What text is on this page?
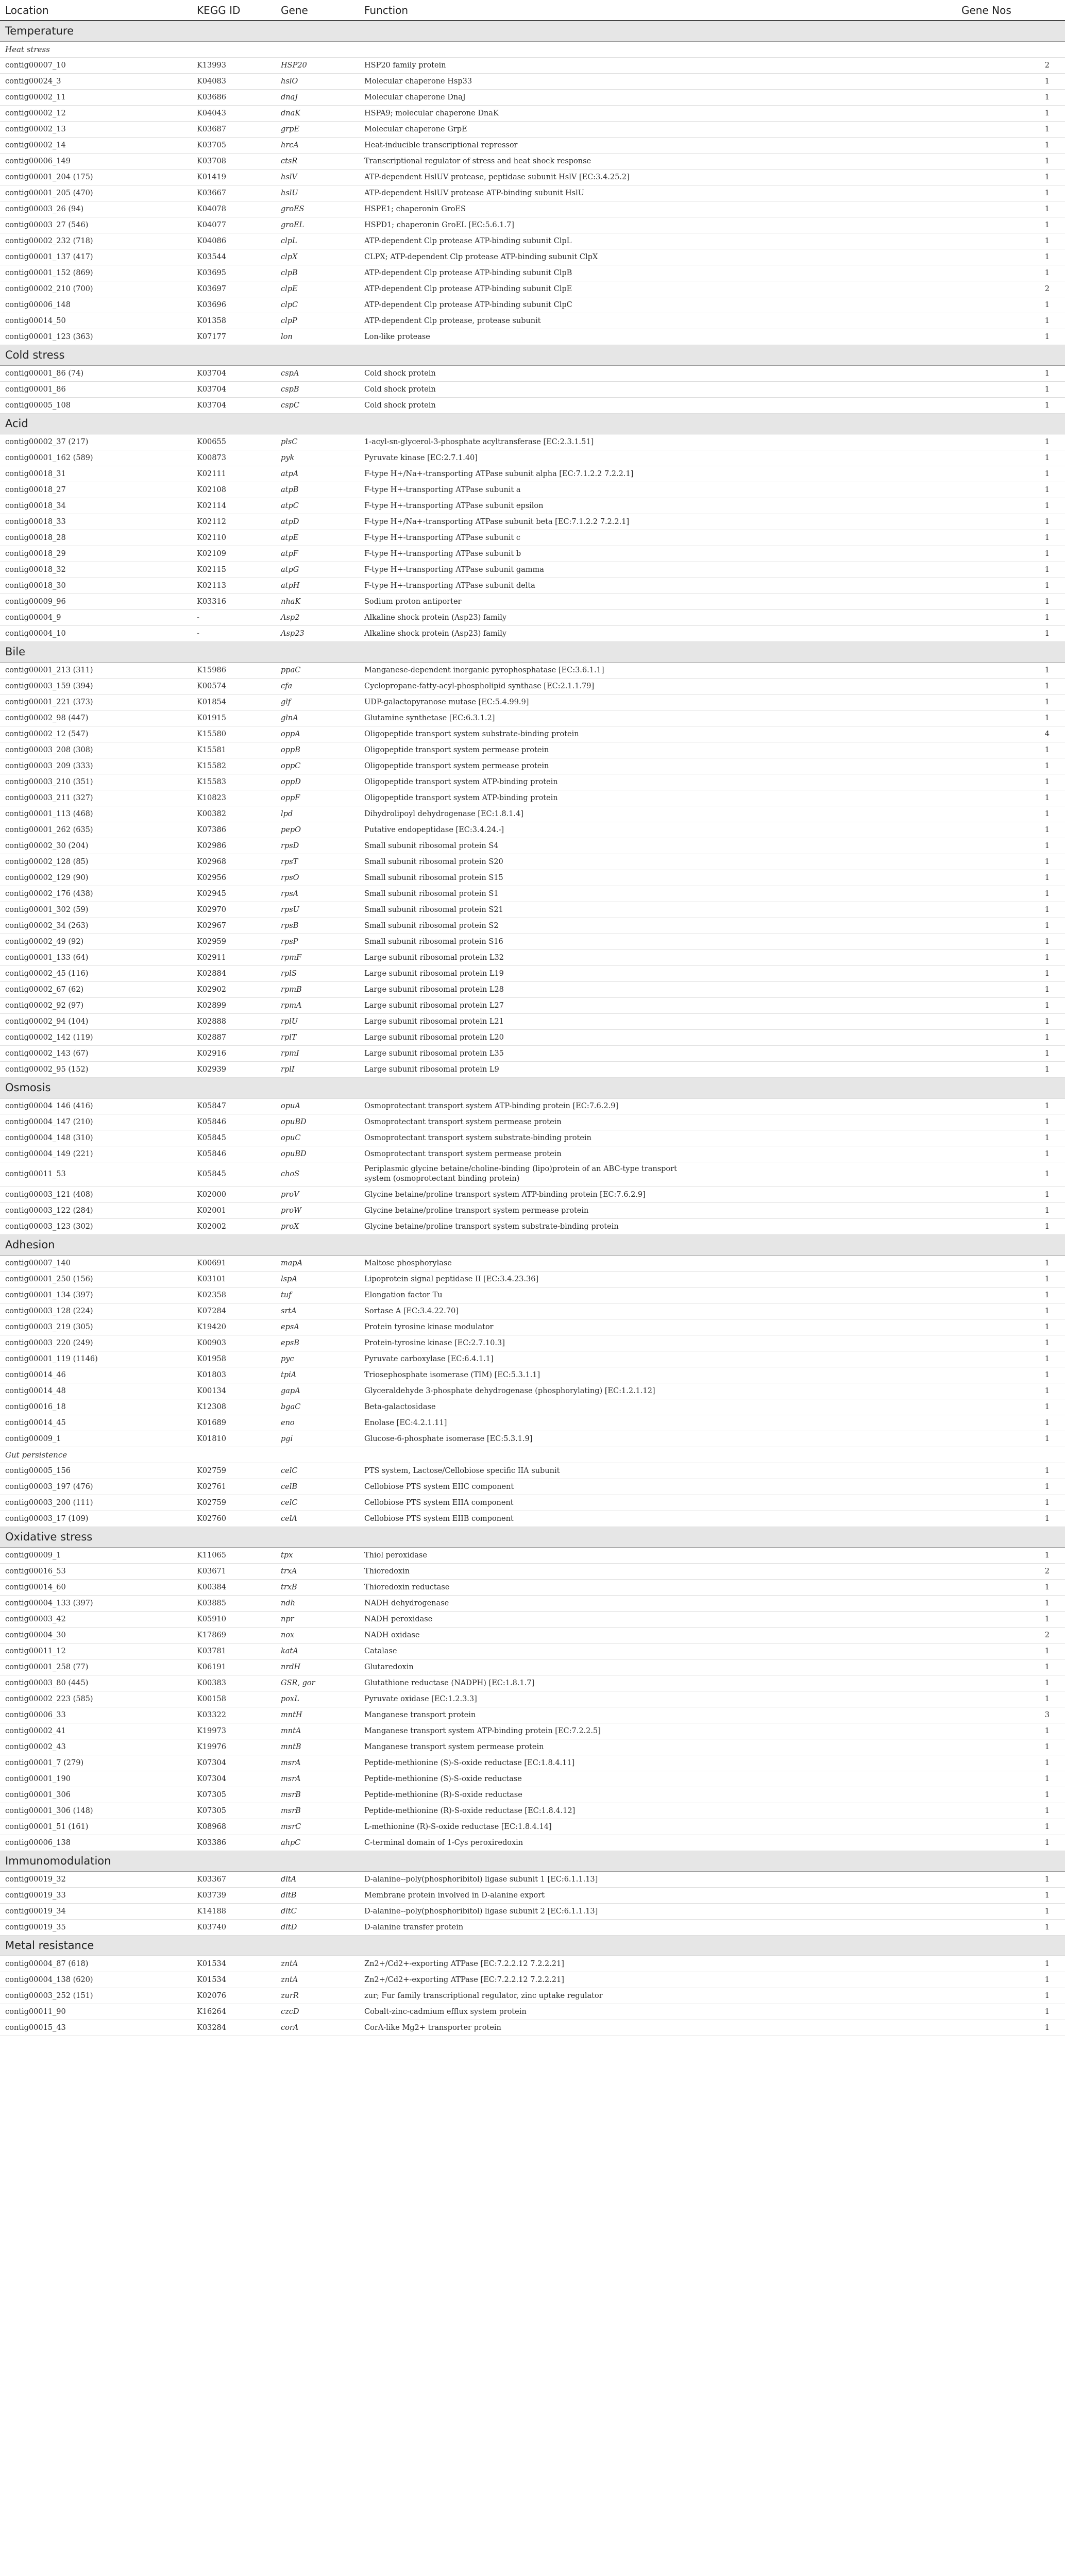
Location	KEGG ID	Gene	Function	Gene Nos
Temperature				
Heat stress				
contig00007_10	K13993	HSP20	HSP20 family protein	2
contig00024_3	K04083	hslO	Molecular chaperone Hsp33	1
contig00002_11	K03686	dnaJ	Molecular chaperone DnaJ	1
contig00002_12	K04043	dnaK	HSPA9; molecular chaperone DnaK	1
contig00002_13	K03687	grpE	Molecular chaperone GrpE	1
contig00002_14	K03705	hrcA	Heat-inducible transcriptional repressor	1
contig00006_149	K03708	ctsR	Transcriptional regulator of stress and heat shock response	1
contig00001_204 (175)	K01419	hslV	ATP-dependent HslUV protease, peptidase subunit HslV [EC:3.4.25.2]	1
contig00001_205 (470)	K03667	hslU	ATP-dependent HslUV protease ATP-binding subunit HslU	1
contig00003_26 (94)	K04078	groES	HSPE1; chaperonin GroES	1
contig00003_27 (546)	K04077	groEL	HSPD1; chaperonin GroEL [EC:5.6.1.7]	1
contig00002_232 (718)	K04086	clpL	ATP-dependent Clp protease ATP-binding subunit ClpL	1
contig00001_137 (417)	K03544	clpX	CLPX; ATP-dependent Clp protease ATP-binding subunit ClpX	1
contig00001_152 (869)	K03695	clpB	ATP-dependent Clp protease ATP-binding subunit ClpB	1
contig00002_210 (700)	K03697	clpE	ATP-dependent Clp protease ATP-binding subunit ClpE	2
contig00006_148	K03696	clpC	ATP-dependent Clp protease ATP-binding subunit ClpC	1
contig00014_50	K01358	clpP	ATP-dependent Clp protease, protease subunit	1
contig00001_123 (363)	K07177	lon	Lon-like protease	1
Cold stress				
contig00001_86 (74)	K03704	cspA	Cold shock protein	1
contig00001_86	K03704	cspB	Cold shock protein	1
contig00005_108	K03704	cspC	Cold shock protein	1
Acid				
contig00002_37 (217)	K00655	plsC	1-acyl-sn-glycerol-3-phosphate acyltransferase [EC:2.3.1.51]	1
contig00001_162 (589)	K00873	pyk	Pyruvate kinase [EC:2.7.1.40]	1
contig00018_31	K02111	atpA	F-type H+/Na+-transporting ATPase subunit alpha [EC:7.1.2.2 7.2.2.1]	1
contig00018_27	K02108	atpB	F-type H+-transporting ATPase subunit a	1
contig00018_34	K02114	atpC	F-type H+-transporting ATPase subunit epsilon	1
contig00018_33	K02112	atpD	F-type H+/Na+-transporting ATPase subunit beta [EC:7.1.2.2 7.2.2.1]	1
contig00018_28	K02110	atpE	F-type H+-transporting ATPase subunit c	1
contig00018_29	K02109	atpF	F-type H+-transporting ATPase subunit b	1
contig00018_32	K02115	atpG	F-type H+-transporting ATPase subunit gamma	1
contig00018_30	K02113	atpH	F-type H+-transporting ATPase subunit delta	1
contig00009_96	K03316	nhaK	Sodium proton antiporter	1
contig00004_9	-	Asp2	Alkaline shock protein (Asp23) family	1
contig00004_10	-	Asp23	Alkaline shock protein (Asp23) family	1
Bile				
contig00001_213 (311)	K15986	ppaC	Manganese-dependent inorganic pyrophosphatase [EC:3.6.1.1]	1
contig00003_159 (394)	K00574	cfa	Cyclopropane-fatty-acyl-phospholipid synthase [EC:2.1.1.79]	1
contig00001_221 (373)	K01854	glf	UDP-galactopyranose mutase [EC:5.4.99.9]	1
contig00002_98 (447)	K01915	glnA	Glutamine synthetase [EC:6.3.1.2]	1
contig00002_12 (547)	K15580	oppA	Oligopeptide transport system substrate-binding protein	4
contig00003_208 (308)	K15581	oppB	Oligopeptide transport system permease protein	1
contig00003_209 (333)	K15582	oppC	Oligopeptide transport system permease protein	1
contig00003_210 (351)	K15583	oppD	Oligopeptide transport system ATP-binding protein	1
contig00003_211 (327)	K10823	oppF	Oligopeptide transport system ATP-binding protein	1
contig00001_113 (468)	K00382	lpd	Dihydrolipoyl dehydrogenase [EC:1.8.1.4]	1
contig00001_262 (635)	K07386	pepO	Putative endopeptidase [EC:3.4.24.-]	1
contig00002_30 (204)	K02986	rpsD	Small subunit ribosomal protein S4	1
contig00002_128 (85)	K02968	rpsT	Small subunit ribosomal protein S20	1
contig00002_129 (90)	K02956	rpsO	Small subunit ribosomal protein S15	1
contig00002_176 (438)	K02945	rpsA	Small subunit ribosomal protein S1	1
contig00001_302 (59)	K02970	rpsU	Small subunit ribosomal protein S21	1
contig00002_34 (263)	K02967	rpsB	Small subunit ribosomal protein S2	1
contig00002_49 (92)	K02959	rpsP	Small subunit ribosomal protein S16	1
contig00001_133 (64)	K02911	rpmF	Large subunit ribosomal protein L32	1
contig00002_45 (116)	K02884	rplS	Large subunit ribosomal protein L19	1
contig00002_67 (62)	K02902	rpmB	Large subunit ribosomal protein L28	1
contig00002_92 (97)	K02899	rpmA	Large subunit ribosomal protein L27	1
contig00002_94 (104)	K02888	rplU	Large subunit ribosomal protein L21	1
contig00002_142 (119)	K02887	rplT	Large subunit ribosomal protein L20	1
contig00002_143 (67)	K02916	rpmI	Large subunit ribosomal protein L35	1
contig00002_95 (152)	K02939	rplI	Large subunit ribosomal protein L9	1
Osmosis				
contig00004_146 (416)	K05847	opuA	Osmoprotectant transport system ATP-binding protein [EC:7.6.2.9]	1
contig00004_147 (210)	K05846	opuBD	Osmoprotectant transport system permease protein	1
contig00004_148 (310)	K05845	opuC	Osmoprotectant transport system substrate-binding protein	1
contig00004_149 (221)	K05846	opuBD	Osmoprotectant transport system permease protein	1
contig00011_53	K05845	choS	Periplasmic glycine betaine/choline-binding (lipo)protein of an ABC-type transport
system (osmoprotectant binding protein)	1
contig00003_121 (408)	K02000	proV	Glycine betaine/proline transport system ATP-binding protein [EC:7.6.2.9]	1
contig00003_122 (284)	K02001	proW	Glycine betaine/proline transport system permease protein	1
contig00003_123 (302)	K02002	proX	Glycine betaine/proline transport system substrate-binding protein	1
Adhesion				
contig00007_140	K00691	mapA	Maltose phosphorylase	1
contig00001_250 (156)	K03101	lspA	Lipoprotein signal peptidase II [EC:3.4.23.36]	1
contig00001_134 (397)	K02358	tuf	Elongation factor Tu	1
contig00003_128 (224)	K07284	srtA	Sortase A [EC:3.4.22.70]	1
contig00003_219 (305)	K19420	epsA	Protein tyrosine kinase modulator	1
contig00003_220 (249)	K00903	epsB	Protein-tyrosine kinase [EC:2.7.10.3]	1
contig00001_119 (1146)	K01958	pyc	Pyruvate carboxylase [EC:6.4.1.1]	1
contig00014_46	K01803	tpiA	Triosephosphate isomerase (TIM) [EC:5.3.1.1]	1
contig00014_48	K00134	gapA	Glyceraldehyde 3-phosphate dehydrogenase (phosphorylating) [EC:1.2.1.12]	1
contig00016_18	K12308	bgaC	Beta-galactosidase	1
contig00014_45	K01689	eno	Enolase [EC:4.2.1.11]	1
contig00009_1	K01810	pgi	Glucose-6-phosphate isomerase [EC:5.3.1.9]	1
Gut persistence				
contig00005_156	K02759	celC	PTS system, Lactose/Cellobiose specific IIA subunit	1
contig00003_197 (476)	K02761	celB	Cellobiose PTS system EIIC component	1
contig00003_200 (111)	K02759	celC	Cellobiose PTS system EIIA component	1
contig00003_17 (109)	K02760	celA	Cellobiose PTS system EIIB component	1
Oxidative stress				
contig00009_1	K11065	tpx	Thiol peroxidase	1
contig00016_53	K03671	trxA	Thioredoxin	2
contig00014_60	K00384	trxB	Thioredoxin reductase	1
contig00004_133 (397)	K03885	ndh	NADH dehydrogenase	1
contig00003_42	K05910	npr	NADH peroxidase	1
contig00004_30	K17869	nox	NADH oxidase	2
contig00011_12	K03781	katA	Catalase	1
contig00001_258 (77)	K06191	nrdH	Glutaredoxin	1
contig00003_80 (445)	K00383	GSR, gor	Glutathione reductase (NADPH) [EC:1.8.1.7]	1
contig00002_223 (585)	K00158	poxL	Pyruvate oxidase [EC:1.2.3.3]	1
contig00006_33	K03322	mntH	Manganese transport protein	3
contig00002_41	K19973	mntA	Manganese transport system ATP-binding protein [EC:7.2.2.5]	1
contig00002_43	K19976	mntB	Manganese transport system permease protein	1
contig00001_7 (279)	K07304	msrA	Peptide-methionine (S)-S-oxide reductase [EC:1.8.4.11]	1
contig00001_190	K07304	msrA	Peptide-methionine (S)-S-oxide reductase	1
contig00001_306	K07305	msrB	Peptide-methionine (R)-S-oxide reductase	1
contig00001_306 (148)	K07305	msrB	Peptide-methionine (R)-S-oxide reductase [EC:1.8.4.12]	1
contig00001_51 (161)	K08968	msrC	L-methionine (R)-S-oxide reductase [EC:1.8.4.14]	1
contig00006_138	K03386	ahpC	C-terminal domain of 1-Cys peroxiredoxin	1
Immunomodulation				
contig00019_32	K03367	dltA	D-alanine--poly(phosphoribitol) ligase subunit 1 [EC:6.1.1.13]	1
contig00019_33	K03739	dltB	Membrane protein involved in D-alanine export	1
contig00019_34	K14188	dltC	D-alanine--poly(phosphoribitol) ligase subunit 2 [EC:6.1.1.13]	1
contig00019_35	K03740	dltD	D-alanine transfer protein	1
Metal resistance				
contig00004_87 (618)	K01534	zntA	Zn2+/Cd2+-exporting ATPase [EC:7.2.2.12 7.2.2.21]	1
contig00004_138 (620)	K01534	zntA	Zn2+/Cd2+-exporting ATPase [EC:7.2.2.12 7.2.2.21]	1
contig00003_252 (151)	K02076	zurR	zur; Fur family transcriptional regulator, zinc uptake regulator	1
contig00011_90	K16264	czcD	Cobalt-zinc-cadmium efflux system protein	1
contig00015_43	K03284	corA	CorA-like Mg2+ transporter protein	1
